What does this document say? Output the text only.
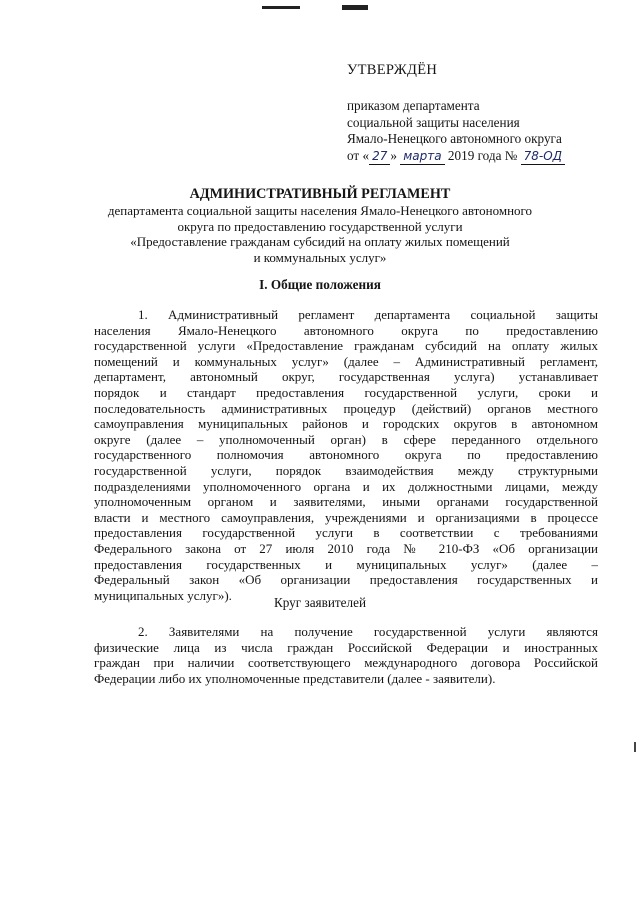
УТВЕРЖДЁН
приказом департамента
социальной защиты населения
Ямало-Ненецкого автономного округа
от « 27 » марта 2019 года № 78-ОД
АДМИНИСТРАТИВНЫЙ РЕГЛАМЕНТ
департамента социальной защиты населения Ямало-Ненецкого автономного
округа по предоставлению государственной услуги
«Предоставление гражданам субсидий на оплату жилых помещений
и коммунальных услуг»
I. Общие положения
1. Административный регламент департамента социальной защиты
населения Ямало-Ненецкого автономного округа по предоставлению
государственной услуги «Предоставление гражданам субсидий на оплату жилых
помещений и коммунальных услуг» (далее – Административный регламент,
департамент, автономный округ, государственная услуга) устанавливает
порядок и стандарт предоставления государственной услуги, сроки и
последовательность административных процедур (действий) органов местного
самоуправления муниципальных районов и городских округов в автономном
округе (далее – уполномоченный орган) в сфере переданного отдельного
государственного полномочия автономного округа по предоставлению
государственной услуги, порядок взаимодействия между структурными
подразделениями уполномоченного органа и их должностными лицами, между
уполномоченным органом и заявителями, иными органами государственной
власти и местного самоуправления, учреждениями и организациями в процессе
предоставления государственной услуги в соответствии с требованиями
Федерального закона от 27 июля 2010 года № 210-ФЗ «Об организации
предоставления государственных и муниципальных услуг» (далее –
Федеральный закон «Об организации предоставления государственных и
муниципальных услуг»).	Круг заявителей
2. Заявителями на получение государственной услуги являются
физические лица из числа граждан Российской Федерации и иностранных
граждан при наличии соответствующего международного договора Российской
Федерации либо их уполномоченные представители (далее - заявители).
